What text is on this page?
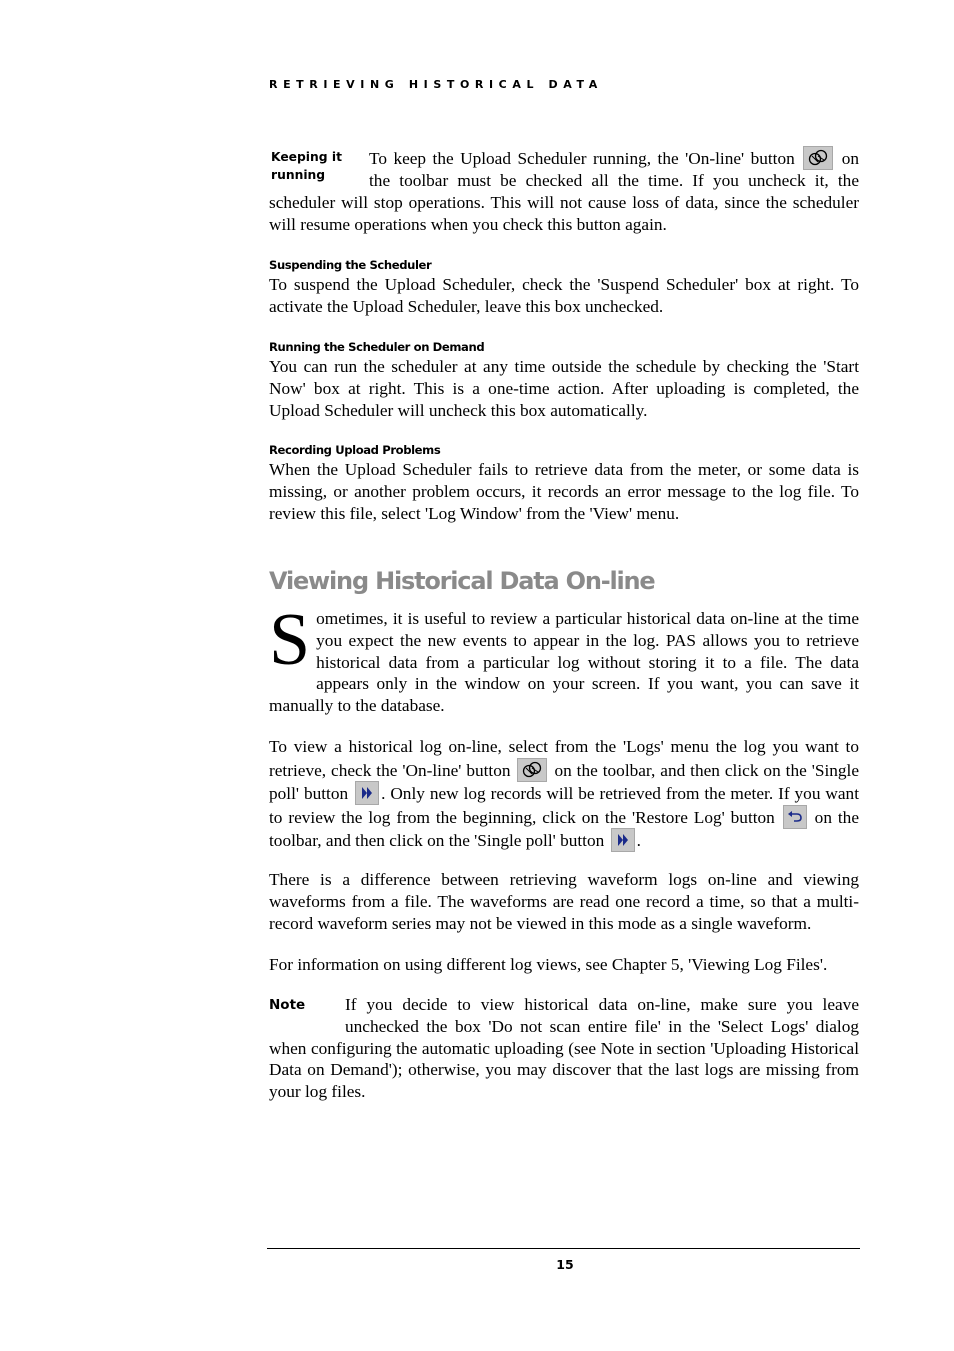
RETRIEVING HISTORICAL DATA
Keeping it running

To keep the Upload Scheduler running, the 'On-line' button	on the toolbar must be checked all the time. If you uncheck it, the scheduler will stop operations. This will not cause loss of data, since the scheduler will resume operations when you check this button again.

Suspending the Scheduler

To suspend the Upload Scheduler, check the 'Suspend Scheduler' box at right. To activate the Upload Scheduler, leave this box unchecked.

Running the Scheduler on Demand

You can run the scheduler at any time outside the schedule by checking the 'Start Now' box at right. This is a one-time action. After uploading is completed, the Upload Scheduler will uncheck this box automatically.

Recording Upload Problems

When the Upload Scheduler fails to retrieve data from the meter, or some data is missing, or another problem occurs, it records an error message to the log file. To review this file, select 'Log Window' from the 'View' menu.

Viewing Historical Data On-line
S ometimes, it is useful to review a particular historical data on-line at the time you expect the new events to appear in the log. PAS allows you to retrieve historical data from a particular log without storing it to a file. The data appears only in the window on your screen. If you want, you can save it manually to the database.

To view a historical log on-line, select from the 'Logs' menu the log you want to retrieve, check the 'On-line' button	on the toolbar, and then click on the 'Single poll' button . Only new log records will be retrieved from the meter. If you want to review the log from the beginning, click on the 'Restore Log' button on the toolbar, and then click on the 'Single poll' button .

There is a difference between retrieving waveform logs on-line and viewing waveforms from a file. The waveforms are read one record a time, so that a multi-record waveform series may not be viewed in this mode as a single waveform.

For information on using different log views, see Chapter 5, 'Viewing Log Files'.

Note	If you decide to view historical data on-line, make sure you leave unchecked the box 'Do not scan entire file' in the 'Select Logs' dialog when configuring the automatic uploading (see Note in section 'Uploading Historical Data on Demand'); otherwise, you may discover that the last logs are missing from your log files.

15
